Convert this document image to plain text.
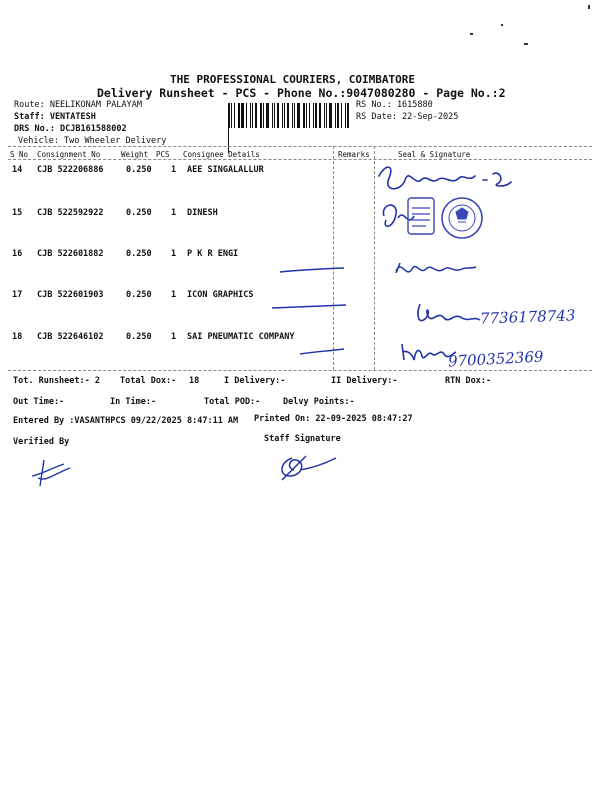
THE PROFESSIONAL COURIERS, COIMBATORE
Delivery Runsheet - PCS - Phone No.:9047080280 - Page No.:2
Route: NEELIKONAM PALAYAM
Staff: VENTATESH
DRS No.: DCJB161588002
Vehicle: Two Wheeler Delivery
RS No.: 1615880
RS Date: 22-Sep-2025
S No Consignment No	Weight PCS Consignee Details	Remarks	Seal & Signature
14 CJB 522206886	0.250 1 AEE SINGALALLUR
15 CJB 522592922	0.250 1 DINESH
16 CJB 522601882	0.250 1 P K R ENGI
17 CJB 522601903	0.250 1 ICON GRAPHICS
18 CJB 522646102	0.250 1 SAI PNEUMATIC COMPANY
7736178743
9700352369
Tot. Runsheet:- 2 Total Dox:- 18	I Delivery:-	II Delivery:-	RTN Dox:-
Out Time:-	In Time:-	Total POD:-	Delvy Points:-
Entered By :VASANTHPCS 09/22/2025 8:47:11 AM Printed On: 22-09-2025 08:47:27
Verified By	Staff Signature
